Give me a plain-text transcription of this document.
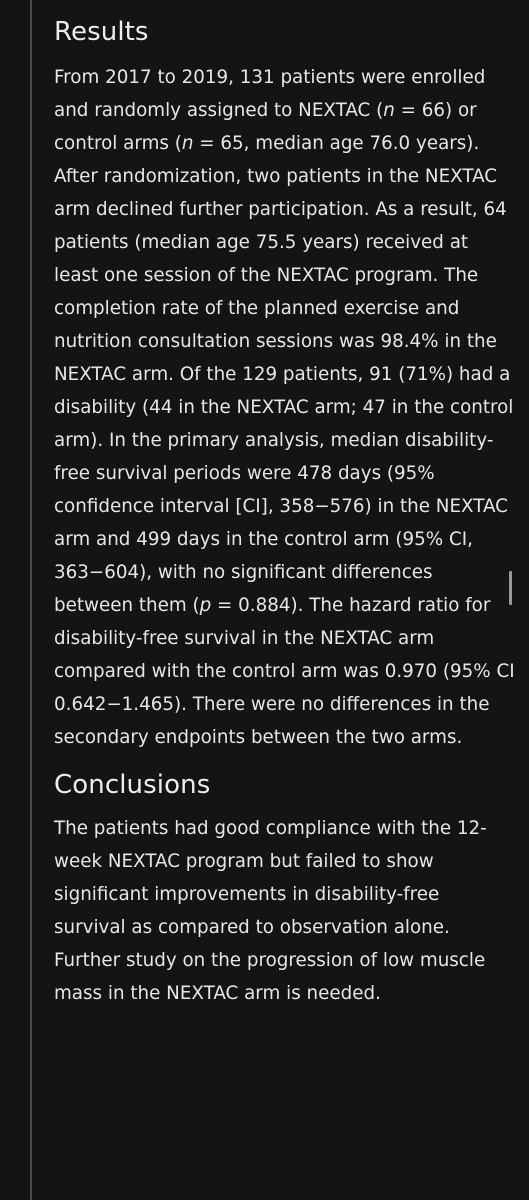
Results

From 2017 to 2019, 131 patients were enrolled and randomly assigned to NEXTAC (n = 66) or control arms (n = 65, median age 76.0 years). After randomization, two patients in the NEXTAC arm declined further participation. As a result, 64 patients (median age 75.5 years) received at least one session of the NEXTAC program. The completion rate of the planned exercise and nutrition consultation sessions was 98.4% in the NEXTAC arm. Of the 129 patients, 91 (71%) had a disability (44 in the NEXTAC arm; 47 in the control arm). In the primary analysis, median disability-free survival periods were 478 days (95% confidence interval [CI], 358−576) in the NEXTAC arm and 499 days in the control arm (95% CI, 363−604), with no significant differences between them (p = 0.884). The hazard ratio for disability-free survival in the NEXTAC arm compared with the control arm was 0.970 (95% CI 0.642−1.465). There were no differences in the secondary endpoints between the two arms.

Conclusions

The patients had good compliance with the 12-week NEXTAC program but failed to show significant improvements in disability-free survival as compared to observation alone. Further study on the progression of low muscle mass in the NEXTAC arm is needed.
